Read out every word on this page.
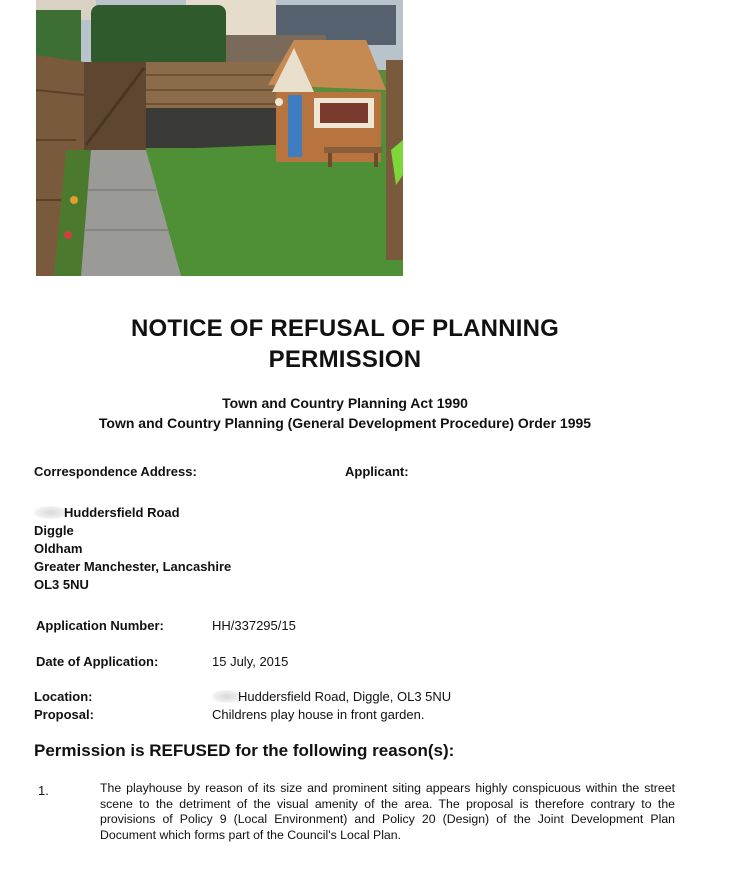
NOTICE OF REFUSAL OF PLANNING PERMISSION
Town and Country Planning Act 1990
Town and Country Planning (General Development Procedure) Order 1995
Correspondence Address:	Applicant:
Huddersfield Road
Diggle
Oldham
Greater Manchester, Lancashire
OL3 5NU
Application Number:	HH/337295/15
Date of Application:	15 July, 2015
Location:	Huddersfield Road, Diggle, OL3 5NU
Proposal:	Childrens play house in front garden.
Permission is REFUSED for the following reason(s):
1.	The playhouse by reason of its size and prominent siting appears highly conspicuous within the street scene to the detriment of the visual amenity of the area. The proposal is therefore contrary to the provisions of Policy 9 (Local Environment) and Policy 20 (Design) of the Joint Development Plan Document which forms part of the Council's Local Plan.
